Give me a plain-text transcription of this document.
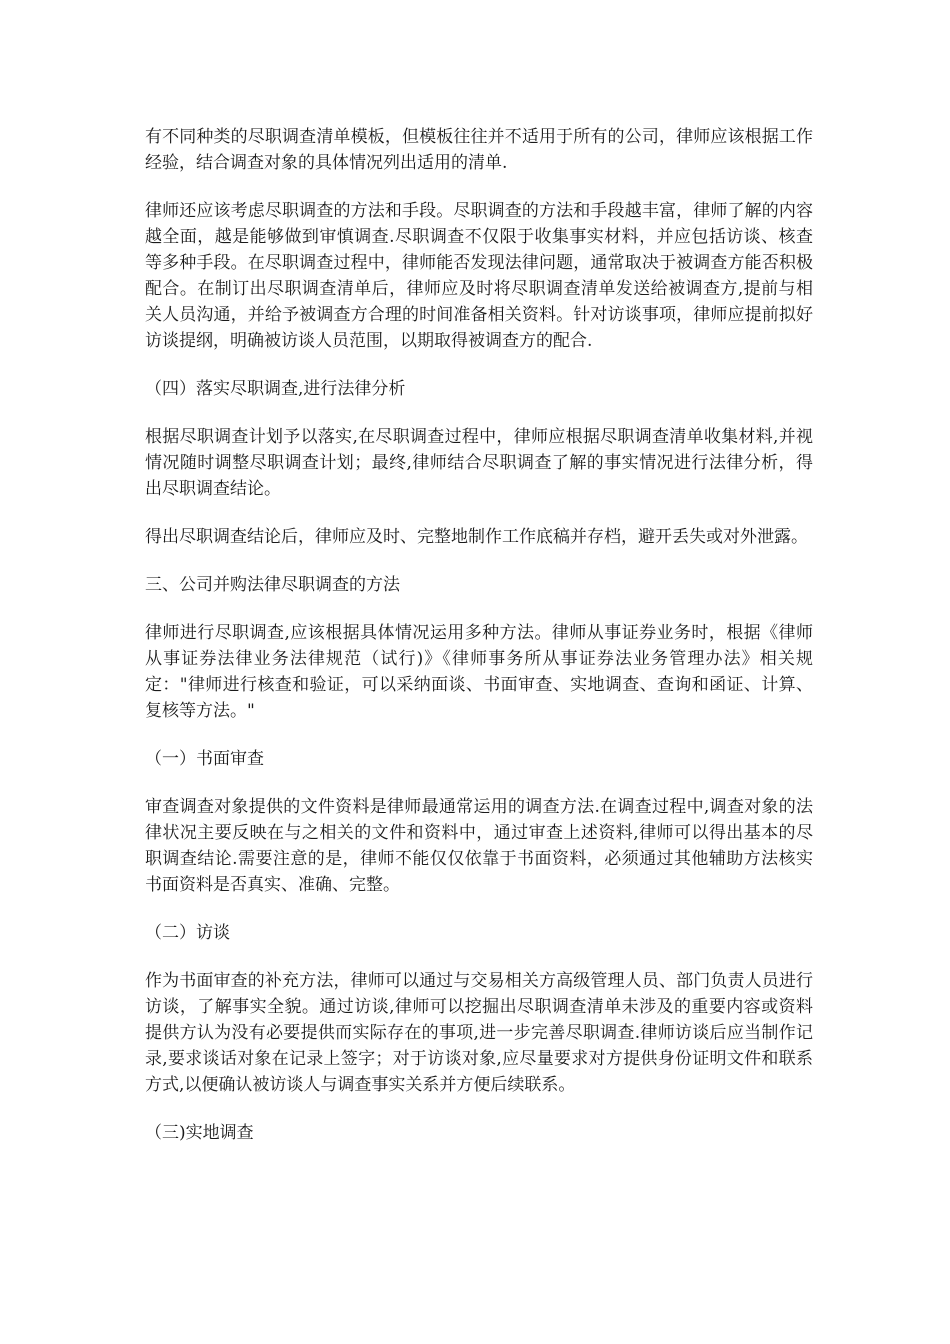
有不同种类的尽职调查清单模板，但模板往往并不适用于所有的公司，律师应该根据工作经验，结合调查对象的具体情况列出适用的清单.

律师还应该考虑尽职调查的方法和手段。尽职调查的方法和手段越丰富，律师了解的内容越全面，越是能够做到审慎调查.尽职调查不仅限于收集事实材料，并应包括访谈、核查等多种手段。在尽职调查过程中，律师能否发现法律问题，通常取决于被调查方能否积极配合。在制订出尽职调查清单后，律师应及时将尽职调查清单发送给被调查方,提前与相关人员沟通，并给予被调查方合理的时间准备相关资料。针对访谈事项，律师应提前拟好访谈提纲，明确被访谈人员范围，以期取得被调查方的配合.

（四）落实尽职调查,进行法律分析

根据尽职调查计划予以落实,在尽职调查过程中，律师应根据尽职调查清单收集材料,并视情况随时调整尽职调查计划；最终,律师结合尽职调查了解的事实情况进行法律分析，得出尽职调查结论。

得出尽职调查结论后，律师应及时、完整地制作工作底稿并存档，避开丢失或对外泄露。

三、公司并购法律尽职调查的方法

律师进行尽职调查,应该根据具体情况运用多种方法。律师从事证券业务时，根据《律师从事证券法律业务法律规范（试行)》《律师事务所从事证券法业务管理办法》相关规定："律师进行核查和验证，可以采纳面谈、书面审查、实地调查、查询和函证、计算、复核等方法。"

（一）书面审查

审查调查对象提供的文件资料是律师最通常运用的调查方法.在调查过程中,调查对象的法律状况主要反映在与之相关的文件和资料中，通过审查上述资料,律师可以得出基本的尽职调查结论.需要注意的是，律师不能仅仅依靠于书面资料，必须通过其他辅助方法核实书面资料是否真实、准确、完整。

（二）访谈

作为书面审查的补充方法，律师可以通过与交易相关方高级管理人员、部门负责人员进行访谈，了解事实全貌。通过访谈,律师可以挖掘出尽职调查清单未涉及的重要内容或资料提供方认为没有必要提供而实际存在的事项,进一步完善尽职调查.律师访谈后应当制作记录,要求谈话对象在记录上签字；对于访谈对象,应尽量要求对方提供身份证明文件和联系方式,以便确认被访谈人与调查事实关系并方便后续联系。

（三)实地调查
